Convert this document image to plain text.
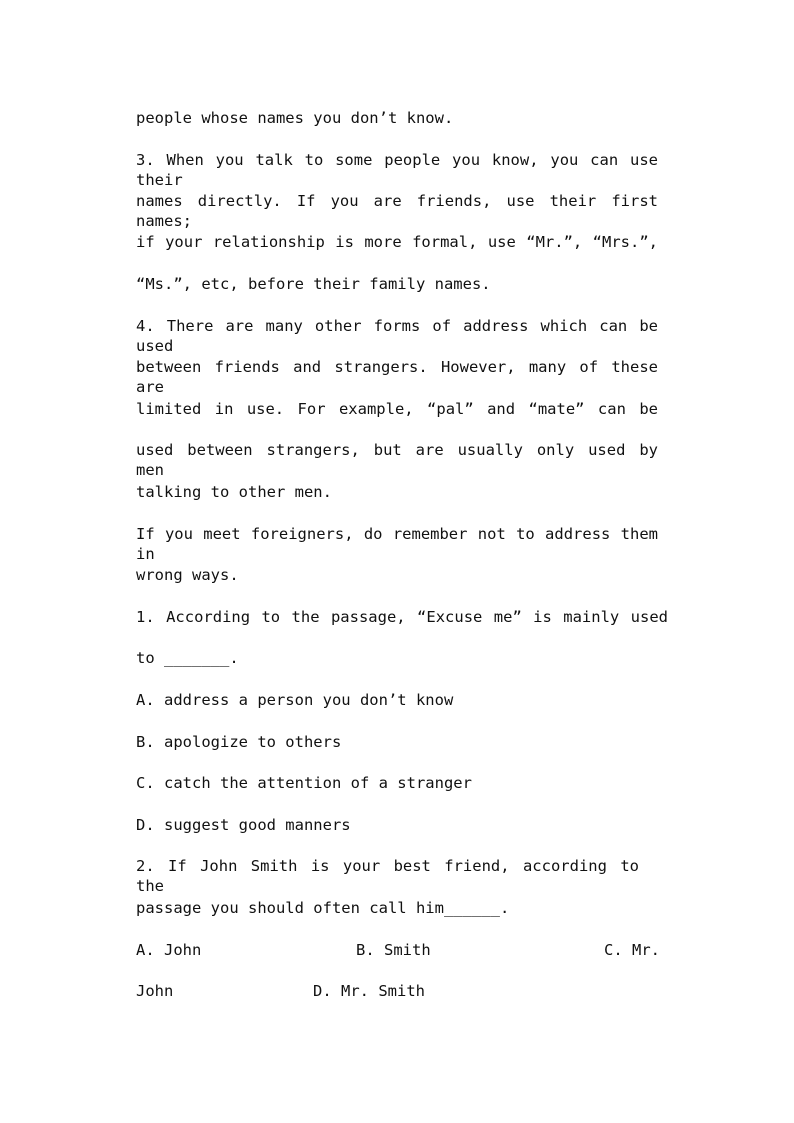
people whose names you don’t know.
3. When you talk to some people you know, you can use their
names directly. If you are friends, use their first names;
if your relationship is more formal, use “Mr.”, “Mrs.”,
“Ms.”, etc, before their family names.
4. There are many other forms of address which can be used
between friends and strangers. However, many of these are
limited in use. For example, “pal” and “mate” can be
used between strangers, but are usually only used by men
talking to other men.
If you meet foreigners, do remember not to address them in
wrong ways.
1. According to the passage, “Excuse me” is mainly used
to _______.
A. address a person you don’t know
B. apologize to others
C. catch the attention of a stranger
D. suggest good manners
2. If John Smith is your best friend, according to the
passage you should often call him______.
A. John	B. Smith	C. Mr.
John	D. Mr. Smith
